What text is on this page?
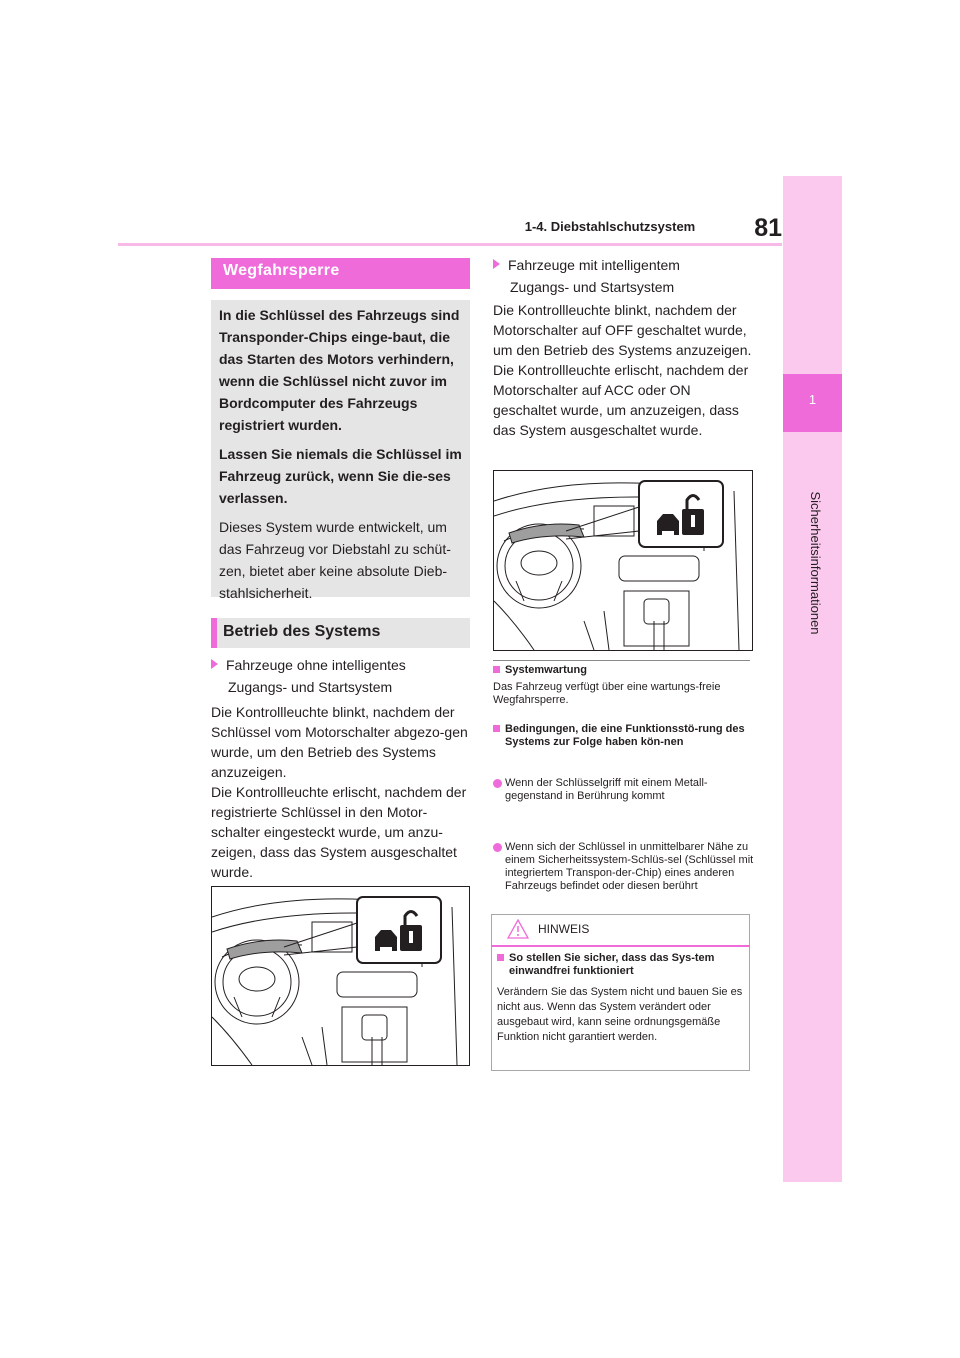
81
1-4. Diebstahlschutzsystem
1
Sicherheitsinformationen
Wegfahrsperre

In die Schlüssel des Fahrzeugs sind Transponder-Chips einge-baut, die das Starten des Motors verhindern, wenn die Schlüssel nicht zuvor im Bordcomputer des Fahrzeugs registriert wurden.

Lassen Sie niemals die Schlüssel im Fahrzeug zurück, wenn Sie die-ses verlassen.

Dieses System wurde entwickelt, um das Fahrzeug vor Diebstahl zu schüt-zen, bietet aber keine absolute Dieb-stahlsicherheit.

Betrieb des Systems
Fahrzeuge ohne intelligentes
Zugangs- und Startsystem

Die Kontrollleuchte blinkt, nachdem der Schlüssel vom Motorschalter abgezo-gen wurde, um den Betrieb des Systems anzuzeigen.

Die Kontrollleuchte erlischt, nachdem der registrierte Schlüssel in den Motor-schalter eingesteckt wurde, um anzu-zeigen, dass das System ausgeschaltet wurde.

Fahrzeuge mit intelligentem
Zugangs- und Startsystem

Die Kontrollleuchte blinkt, nachdem der Motorschalter auf OFF geschaltet wurde, um den Betrieb des Systems anzuzeigen.

Die Kontrollleuchte erlischt, nachdem der Motorschalter auf ACC oder ON geschaltet wurde, um anzuzeigen, dass das System ausgeschaltet wurde.

Systemwartung
Das Fahrzeug verfügt über eine wartungs-freie Wegfahrsperre.
Bedingungen, die eine Funktionsstö-rung des Systems zur Folge haben kön-nen
Wenn der Schlüsselgriff mit einem Metall-gegenstand in Berührung kommt
Wenn sich der Schlüssel in unmittelbarer Nähe zu einem Sicherheitssystem-Schlüs-sel (Schlüssel mit integriertem Transpon-der-Chip) eines anderen Fahrzeugs befindet oder diesen berührt
HINWEIS
So stellen Sie sicher, dass das Sys-tem einwandfrei funktioniert
Verändern Sie das System nicht und bauen Sie es nicht aus. Wenn das System verändert oder ausgebaut wird, kann seine ordnungsgemäße Funktion nicht garantiert werden.
